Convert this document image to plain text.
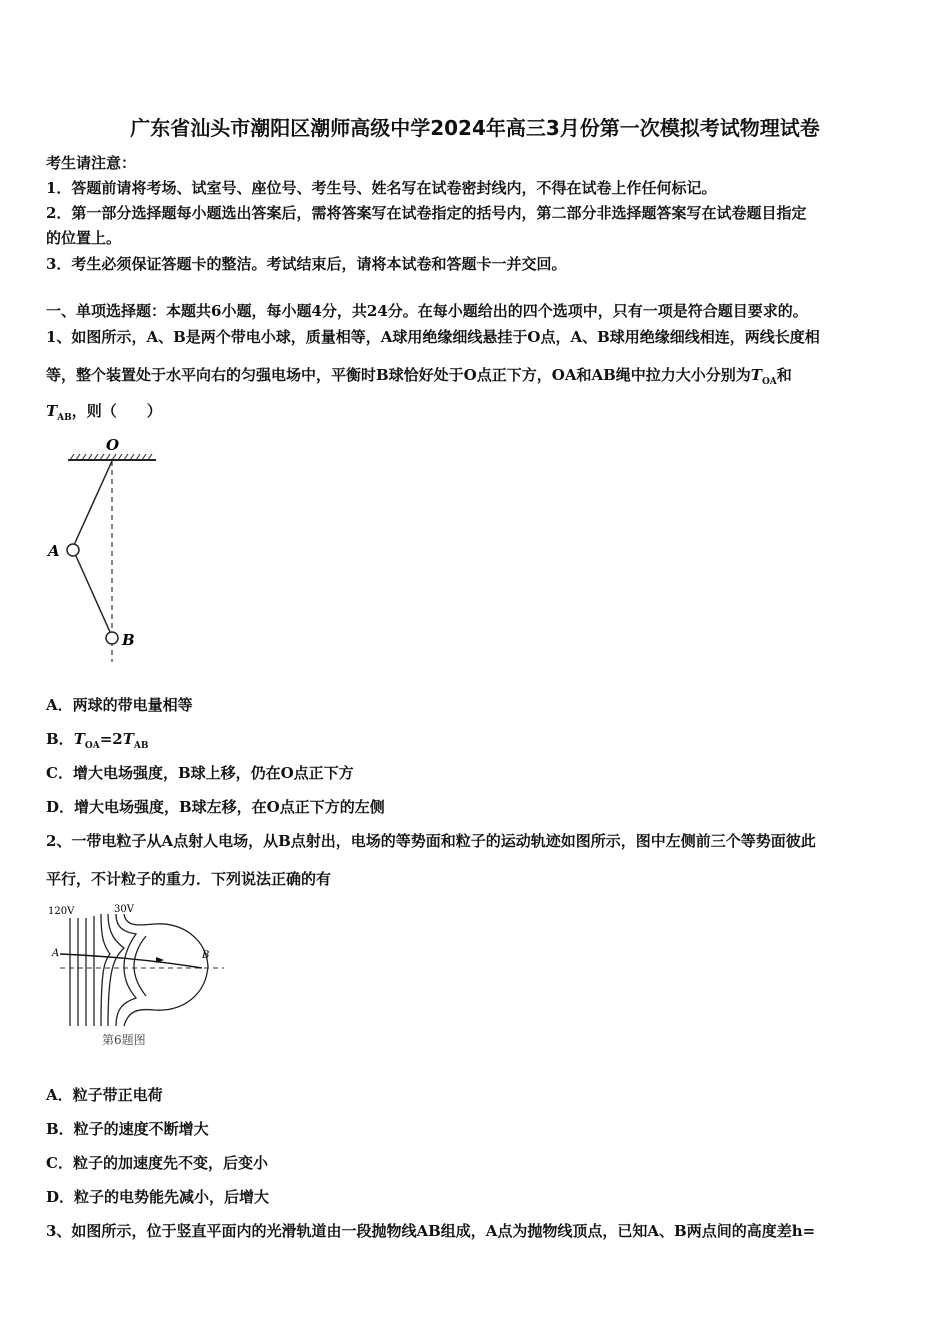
广东省汕头市潮阳区潮师高级中学2024年高三3月份第一次模拟考试物理试卷
考生请注意：
1．答题前请将考场、试室号、座位号、考生号、姓名写在试卷密封线内，不得在试卷上作任何标记。
2．第一部分选择题每小题选出答案后，需将答案写在试卷指定的括号内，第二部分非选择题答案写在试卷题目指定
的位置上。
3．考生必须保证答题卡的整洁。考试结束后，请将本试卷和答题卡一并交回。
一、单项选择题：本题共6小题，每小题4分，共24分。在每小题给出的四个选项中，只有一项是符合题目要求的。
1、如图所示，A、B是两个带电小球，质量相等，A球用绝缘细线悬挂于O点，A、B球用绝缘细线相连，两线长度相
等，整个装置处于水平向右的匀强电场中，平衡时B球恰好处于O点正下方，OA和AB绳中拉力大小分别为$T_{OA}$和
$T_{AB}$，则（　　）
O
A
B
A．两球的带电量相等
B．$T_{OA}=2T_{AB}$
C．增大电场强度，B球上移，仍在O点正下方
D．增大电场强度，B球左移，在O点正下方的左侧
2、一带电粒子从A点射人电场，从B点射出，电场的等势面和粒子的运动轨迹如图所示，图中左侧前三个等势面彼此
平行，不计粒子的重力．下列说法正确的有
120V	30V
A	B
第6题图
A．粒子带正电荷
B．粒子的速度不断增大
C．粒子的加速度先不变，后变小
D．粒子的电势能先减小，后增大
3、如图所示，位于竖直平面内的光滑轨道由一段抛物线AB组成，A点为抛物线顶点，已知A、B两点间的高度差h=
